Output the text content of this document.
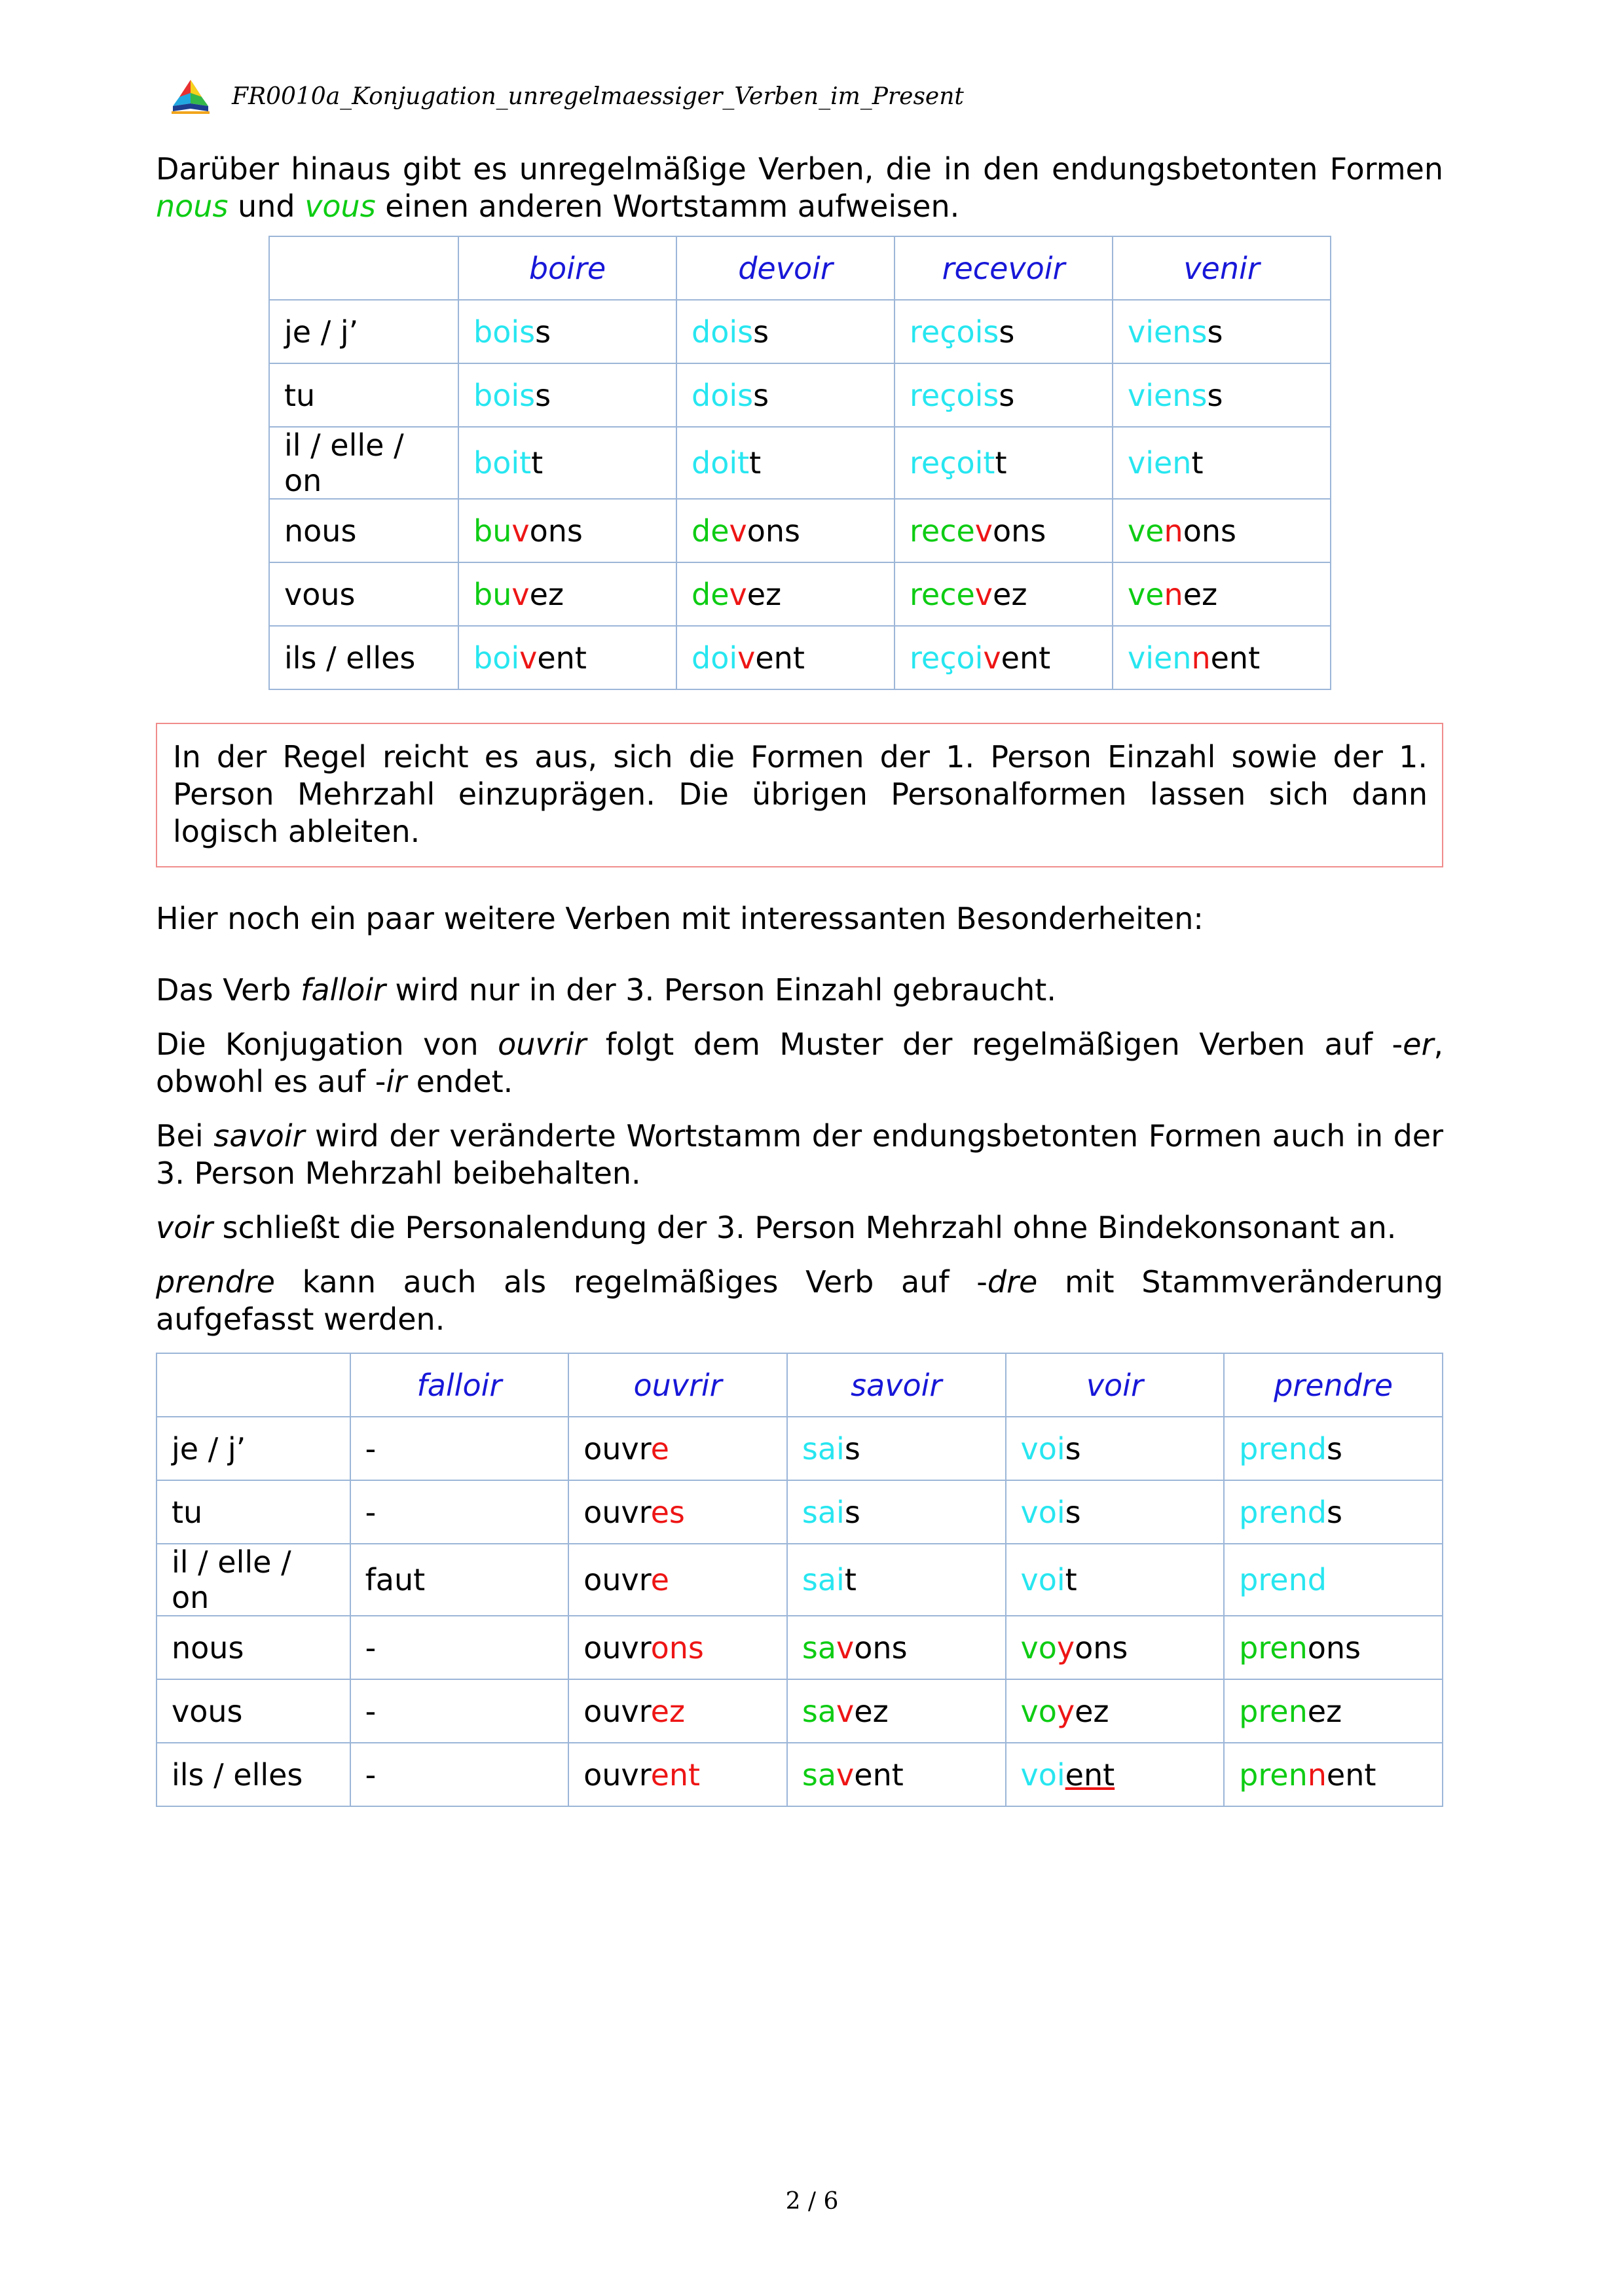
FR0010a_Konjugation_unregelmaessiger_Verben_im_Present

Darüber hinaus gibt es unregelmäßige Verben, die in den endungsbetonten Formen nous und vous einen anderen Wortstamm aufweisen.

	boire	devoir	recevoir	venir
je / j’	boiss	doiss	reçoiss	vienss
tu	boiss	doiss	reçoiss	vienss
il / elle / on	boitt	doitt	reçoitt	vient
nous	buvons	devons	recevons	venons
vous	buvez	devez	recevez	venez
ils / elles	boivent	doivent	reçoivent	viennent
In der Regel reicht es aus, sich die Formen der 1. Person Einzahl sowie der 1. Person Mehrzahl einzuprägen. Die übrigen Personalformen lassen sich dann logisch ableiten.

Hier noch ein paar weitere Verben mit interessanten Besonderheiten:

Das Verb falloir wird nur in der 3. Person Einzahl gebraucht.

Die Konjugation von ouvrir folgt dem Muster der regelmäßigen Verben auf -er, obwohl es auf -ir endet.

Bei savoir wird der veränderte Wortstamm der endungsbetonten Formen auch in der 3. Person Mehrzahl beibehalten.

voir schließt die Personalendung der 3. Person Mehrzahl ohne Bindekonsonant an.

prendre kann auch als regelmäßiges Verb auf -dre mit Stammveränderung aufgefasst werden.

	falloir	ouvrir	savoir	voir	prendre
je / j’	-	ouvre	sais	vois	prends
tu	-	ouvres	sais	vois	prends
il / elle / on	faut	ouvre	sait	voit	prend
nous	-	ouvrons	savons	voyons	prenons
vous	-	ouvrez	savez	voyez	prenez
ils / elles	-	ouvrent	savent	voient	prennent
2 / 6
